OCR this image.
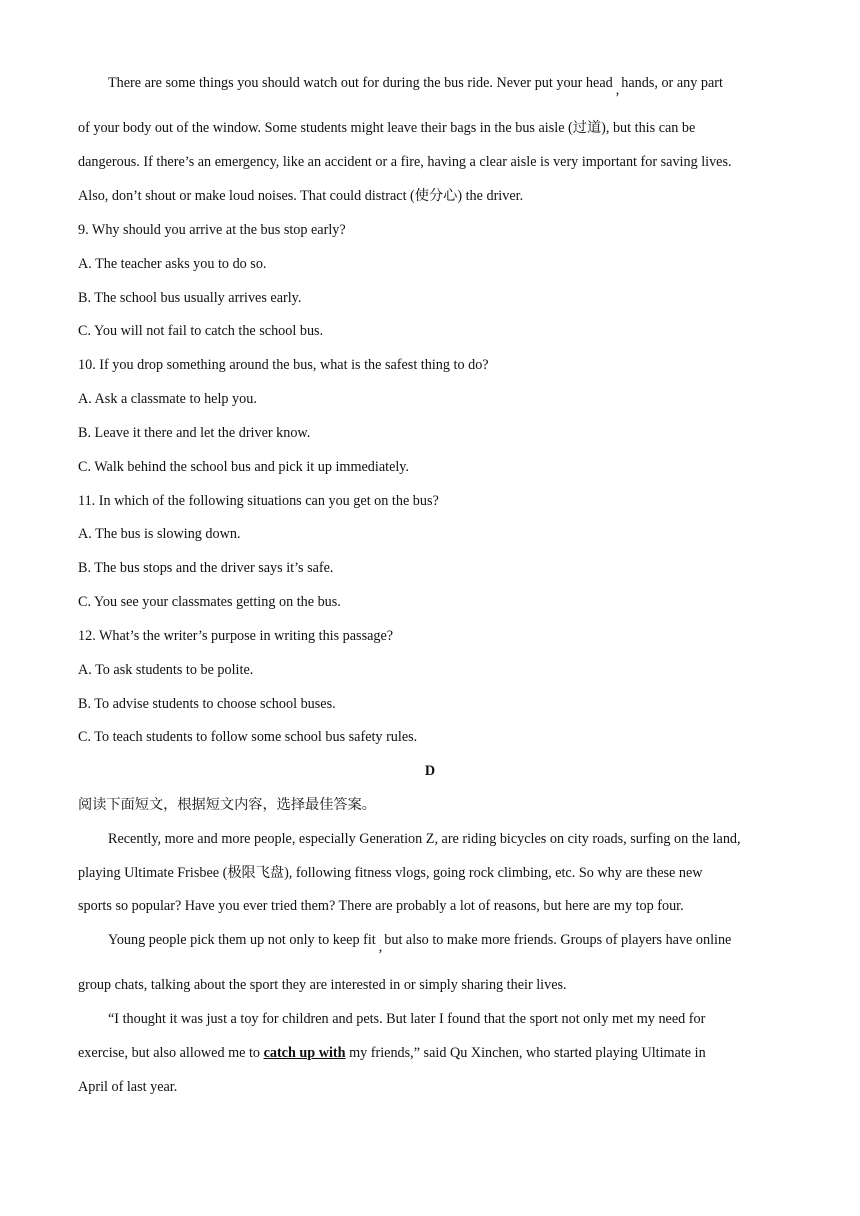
There are some things you should watch out for during the bus ride. Never put your head , hands, or any part
of your body out of the window. Some students might leave their bags in the bus aisle (过道), but this can be
dangerous. If there’s an emergency, like an accident or a fire, having a clear aisle is very important for saving lives.
Also, don’t shout or make loud noises. That could distract (使分心) the driver.
9. Why should you arrive at the bus stop early?
A. The teacher asks you to do so.
B. The school bus usually arrives early.
C. You will not fail to catch the school bus.
10. If you drop something around the bus, what is the safest thing to do?
A. Ask a classmate to help you.
B. Leave it there and let the driver know.
C. Walk behind the school bus and pick it up immediately.
11. In which of the following situations can you get on the bus?
A. The bus is slowing down.
B. The bus stops and the driver says it’s safe.
C. You see your classmates getting on the bus.
12. What’s the writer’s purpose in writing this passage?
A. To ask students to be polite.
B. To advise students to choose school buses.
C. To teach students to follow some school bus safety rules.
D
阅读下面短文，根据短文内容，选择最佳答案。
Recently, more and more people, especially Generation Z, are riding bicycles on city roads, surfing on the land,
playing Ultimate Frisbee (极限飞盘), following fitness vlogs, going rock climbing, etc. So why are these new
sports so popular? Have you ever tried them? There are probably a lot of reasons, but here are my top four.
Young people pick them up not only to keep fit , but also to make more friends. Groups of players have online
group chats, talking about the sport they are interested in or simply sharing their lives.
“I thought it was just a toy for children and pets. But later I found that the sport not only met my need for
exercise, but also allowed me to catch up with my friends,” said Qu Xinchen, who started playing Ultimate in
April of last year.
